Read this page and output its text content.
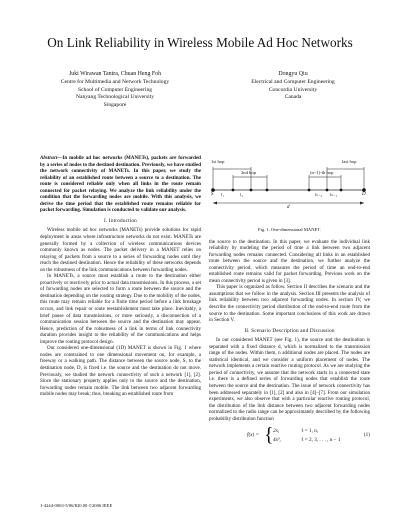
On Link Reliability in Wireless Mobile Ad Hoc Networks
Juki Wirawan Tantra, Chuan Heng Foh
Centre for Multimedia and Network Technology
School of Computer Engineering
Nanyang Technological University
Singapore
Dongyu Qiu
Electrical and Computer Engineering
Concordia University
Canada

Abstract—In mobile ad hoc networks (MANETs), packets are forwarded by a series of nodes to the destined destination. Previously, we have studied the network connectivity of MANETs. In this paper, we study the reliability of an established route between a source to a destination. The route is considered reliable only when all links in the route remain connected for packet relaying. We analyze the link reliability under the condition that the forwarding nodes are mobile. With this analysis, we derive the time period that the established route remains reliable for packet forwarding. Simulation is conducted to validate our analysis.

I. Introduction

Wireless mobile ad hoc networks (MANETs) provide solutions for rapid deployment in areas where infrastructure networks do not exist. MANETs are generally formed by a collection of wireless communications devices commonly known as nodes. The packet delivery in a MANET relies on relaying of packets from a source to a series of forwarding nodes until they reach the destined destination. Hence the reliability of these networks depends on the robustness of the link communications between forwarding nodes.

In MANETs, a source must establish a route to the destination either proactively or reactively prior to actual data transmissions. In this process, a set of forwarding nodes are selected to form a route between the source and the destination depending on the routing strategy. Due to the mobility of the nodes, this route may remain reliable for a finite time period before a link breakage occurs, and link repair or route reestablishment must take place. Inevitably, a brief pause of data transmissions, or more seriously, a disconnection of a communication session between the source and the destination may appear. Hence, prediction of the robustness of a link in terms of link connectivity duration provides insight to the reliability of the communications and helps improve the routing protocol design.

Our considered one-dimensional (1D) MANET is shown in Fig. 1 where nodes are constrained to one dimensional movement on, for example, a freeway or a walking path. The distance between the source node, S, to the destination node, D, is fixed i.e. the source and the destination do not move. Previously, we studied the network connectivity of such a network [1], [2]. Since the stationary property applies only to the source and the destination, forwarding nodes remain mobile. The link between two adjacent forwarding mobile nodes may break; thus, breaking an established route from

1st hop
2nd hop	(n−1)-th hop
last hop
S	D
l₁	l₂	lₙ₋₂ lₙ₋₁
d
Fig. 1. One-dimensional MANET.

the source to the destination. In this paper, we evaluate the individual link reliability by modeling the period of time a link between two adjacent forwarding nodes remains connected. Considering all links in an established route between the source and the destination, we further analyze the connectivity period, which measures the period of time an end-to-end established route remains valid for packet forwarding. Previous work on the mean connectivity period is given in [3].

This paper is organized as follow. Section II describes the scenario and the assumptions that we follow in the analysis. Section III presents the analysis of link reliability between two adjacent forwarding nodes. In section IV, we describe the connectivity period distribution of the end-to-end route from the source to the destination. Some important conclusions of this work are drawn in Section V.

II. Scenario Description and Discussion

In our considered MANET (see Fig. 1), the source and the destination is separated with a fixed distance d, which is normalized to the transmission range of the nodes. Within them, n additional nodes are placed. The nodes are statistical identical, and we consider a uniform placement of nodes. The network implements a certain reactive routing protocol. As we are studying the period of connectivity, we assume that the network starts in a connected state i.e. there is a defined series of forwarding nodes that establish the route between the source and the destination. The issue of network connectivity has been addressed separately in [1], [2] and also in [4]–[7]. From our simulation experiments, we also observe that with a particular reactive routing protocol, the distribution of the link distance between two adjacent forwarding nodes normalized to the radio range can be approximately described by the following probability distribution function

f(x) = { 2x,	ℓ = 1, n,
4x³,	ℓ = 2, 3, . . . , n − 1
(1)
1-4244-0063-5/06/$20.00 ©2006 IEEE
